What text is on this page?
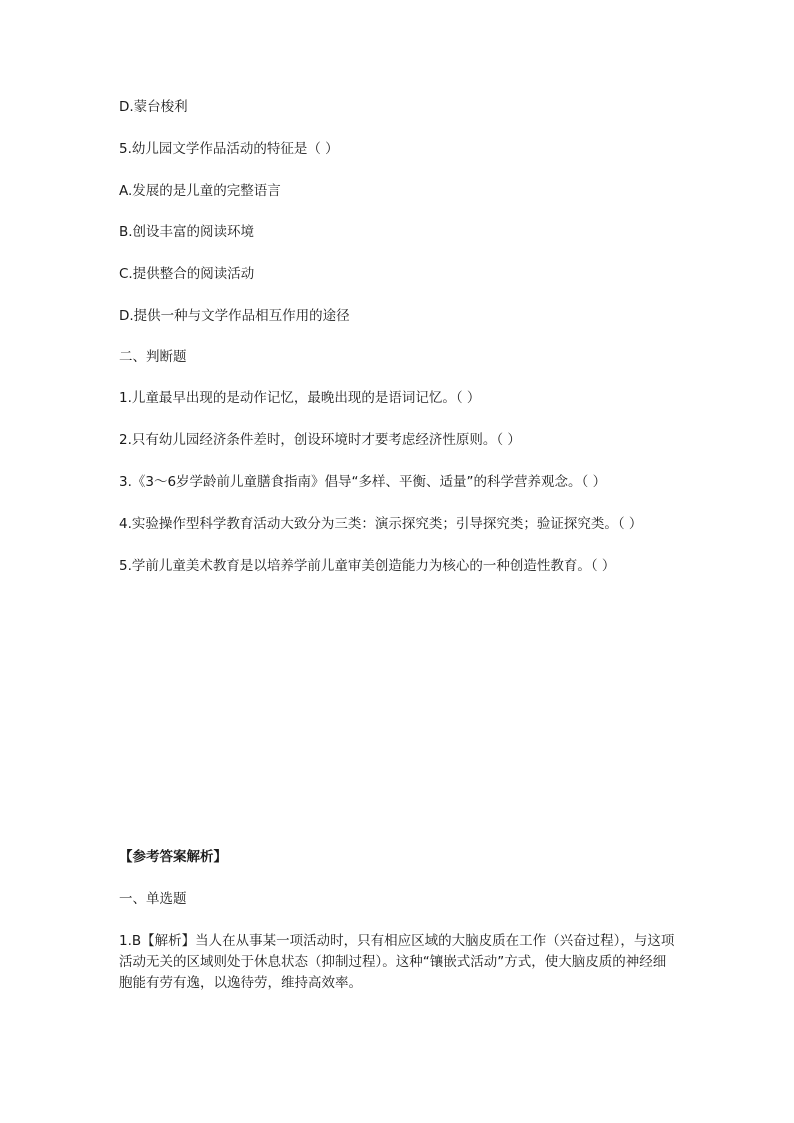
D.蒙台梭利
5.幼儿园文学作品活动的特征是（ ）
A.发展的是儿童的完整语言
B.创设丰富的阅读环境
C.提供整合的阅读活动
D.提供一种与文学作品相互作用的途径
二、判断题
1.儿童最早出现的是动作记忆，最晚出现的是语词记忆。（ ）
2.只有幼儿园经济条件差时，创设环境时才要考虑经济性原则。（ ）
3.《3～6岁学龄前儿童膳食指南》倡导“多样、平衡、适量”的科学营养观念。（ ）
4.实验操作型科学教育活动大致分为三类：演示探究类；引导探究类；验证探究类。（ ）
5.学前儿童美术教育是以培养学前儿童审美创造能力为核心的一种创造性教育。（ ）
【参考答案解析】
一、单选题
1.B【解析】当人在从事某一项活动时，只有相应区域的大脑皮质在工作（兴奋过程），与这项活动无关的区域则处于休息状态（抑制过程）。这种“镶嵌式活动”方式，使大脑皮质的神经细胞能有劳有逸，以逸待劳，维持高效率。
